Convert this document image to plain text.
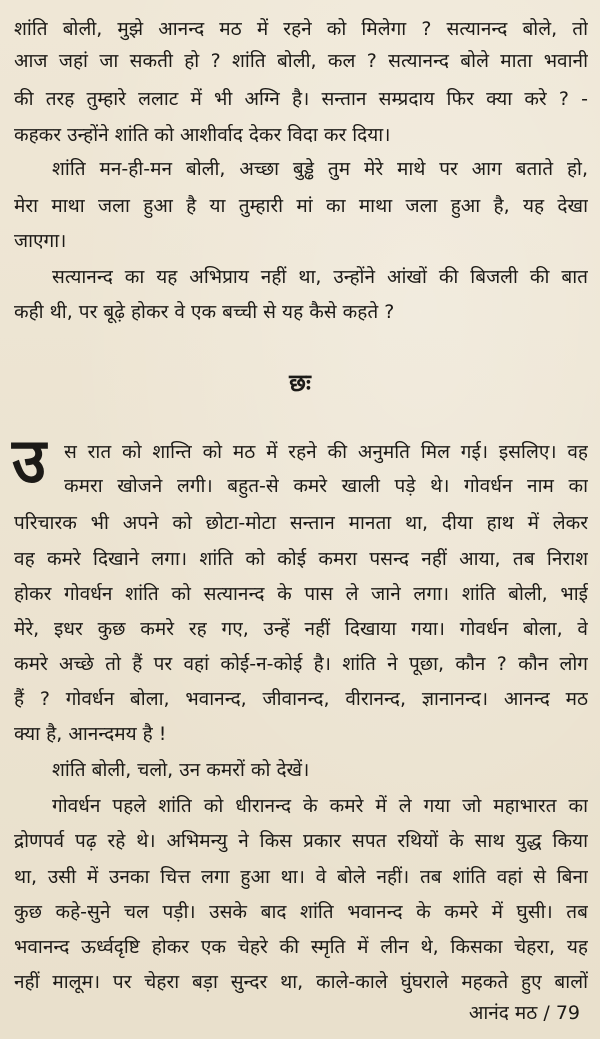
शांति बोली, मुझे आनन्द मठ में रहने को मिलेगा ? सत्यानन्द बोले, तो
आज जहां जा सकती हो ? शांति बोली, कल ? सत्यानन्द बोले माता भवानी
की तरह तुम्हारे ललाट में भी अग्नि है। सन्तान सम्प्रदाय फिर क्या करे ? -
कहकर उन्होंने शांति को आशीर्वाद देकर विदा कर दिया।
शांति मन-ही-मन बोली, अच्छा बुड्ढे तुम मेरे माथे पर आग बताते हो,
मेरा माथा जला हुआ है या तुम्हारी मां का माथा जला हुआ है, यह देखा
जाएगा।
सत्यानन्द का यह अभिप्राय नहीं था, उन्होंने आंखों की बिजली की बात
कही थी, पर बूढ़े होकर वे एक बच्ची से यह कैसे कहते ?
छः
उ स रात को शान्ति को मठ में रहने की अनुमति मिल गई। इसलिए। वह
कमरा खोजने लगी। बहुत-से कमरे खाली पड़े थे। गोवर्धन नाम का
परिचारक भी अपने को छोटा-मोटा सन्तान मानता था, दीया हाथ में लेकर
वह कमरे दिखाने लगा। शांति को कोई कमरा पसन्द नहीं आया, तब निराश
होकर गोवर्धन शांति को सत्यानन्द के पास ले जाने लगा। शांति बोली, भाई
मेरे, इधर कुछ कमरे रह गए, उन्हें नहीं दिखाया गया। गोवर्धन बोला, वे
कमरे अच्छे तो हैं पर वहां कोई-न-कोई है। शांति ने पूछा, कौन ? कौन लोग
हैं ? गोवर्धन बोला, भवानन्द, जीवानन्द, वीरानन्द, ज्ञानानन्द। आनन्द मठ
क्या है, आनन्दमय है !
शांति बोली, चलो, उन कमरों को देखें।
गोवर्धन पहले शांति को धीरानन्द के कमरे में ले गया जो महाभारत का
द्रोणपर्व पढ़ रहे थे। अभिमन्यु ने किस प्रकार सपत रथियों के साथ युद्ध किया
था, उसी में उनका चित्त लगा हुआ था। वे बोले नहीं। तब शांति वहां से बिना
कुछ कहे-सुने चल पड़ी। उसके बाद शांति भवानन्द के कमरे में घुसी। तब
भवानन्द ऊर्ध्वदृष्टि होकर एक चेहरे की स्मृति में लीन थे, किसका चेहरा, यह
नहीं मालूम। पर चेहरा बड़ा सुन्दर था, काले-काले घुंघराले महकते हुए बालों
आनंद मठ / 79
